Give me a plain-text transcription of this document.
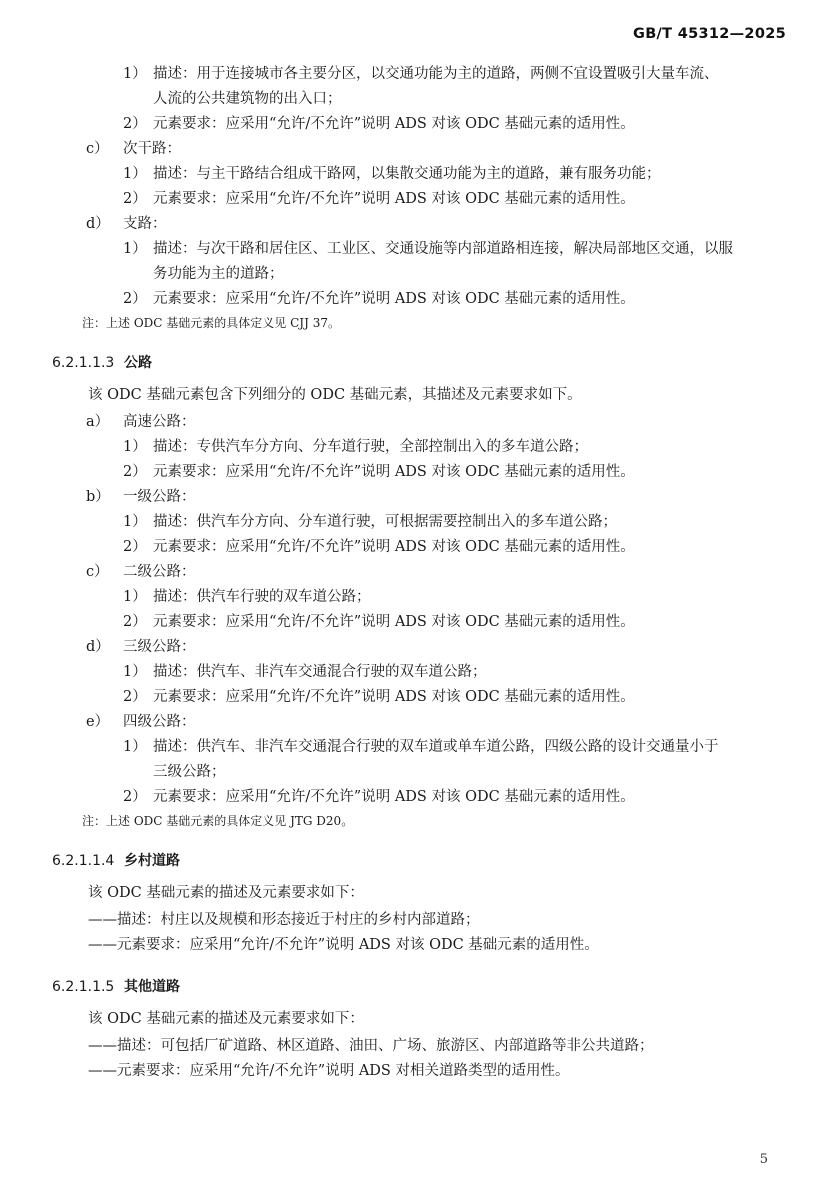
GB/T 45312—2025
1） 描述：用于连接城市各主要分区，以交通功能为主的道路，两侧不宜设置吸引大量车流、
人流的公共建筑物的出入口；
2） 元素要求：应采用“允许/不允许”说明 ADS 对该 ODC 基础元素的适用性。
c） 次干路：
1） 描述：与主干路结合组成干路网，以集散交通功能为主的道路，兼有服务功能；
2） 元素要求：应采用“允许/不允许”说明 ADS 对该 ODC 基础元素的适用性。
d） 支路：
1） 描述：与次干路和居住区、工业区、交通设施等内部道路相连接，解决局部地区交通，以服
务功能为主的道路；
2） 元素要求：应采用“允许/不允许”说明 ADS 对该 ODC 基础元素的适用性。
注：上述 ODC 基础元素的具体定义见 CJJ 37。
6.2.1.1.3 公路
该 ODC 基础元素包含下列细分的 ODC 基础元素，其描述及元素要求如下。
a） 高速公路：
1） 描述：专供汽车分方向、分车道行驶，全部控制出入的多车道公路；
2） 元素要求：应采用“允许/不允许”说明 ADS 对该 ODC 基础元素的适用性。
b） 一级公路：
1） 描述：供汽车分方向、分车道行驶，可根据需要控制出入的多车道公路；
2） 元素要求：应采用“允许/不允许”说明 ADS 对该 ODC 基础元素的适用性。
c） 二级公路：
1） 描述：供汽车行驶的双车道公路；
2） 元素要求：应采用“允许/不允许”说明 ADS 对该 ODC 基础元素的适用性。
d） 三级公路：
1） 描述：供汽车、非汽车交通混合行驶的双车道公路；
2） 元素要求：应采用“允许/不允许”说明 ADS 对该 ODC 基础元素的适用性。
e） 四级公路：
1） 描述：供汽车、非汽车交通混合行驶的双车道或单车道公路，四级公路的设计交通量小于
三级公路；
2） 元素要求：应采用“允许/不允许”说明 ADS 对该 ODC 基础元素的适用性。
注：上述 ODC 基础元素的具体定义见 JTG D20。
6.2.1.1.4 乡村道路
该 ODC 基础元素的描述及元素要求如下：
——描述：村庄以及规模和形态接近于村庄的乡村内部道路；
——元素要求：应采用“允许/不允许”说明 ADS 对该 ODC 基础元素的适用性。
6.2.1.1.5 其他道路
该 ODC 基础元素的描述及元素要求如下：
——描述：可包括厂矿道路、林区道路、油田、广场、旅游区、内部道路等非公共道路；
——元素要求：应采用“允许/不允许”说明 ADS 对相关道路类型的适用性。
5
